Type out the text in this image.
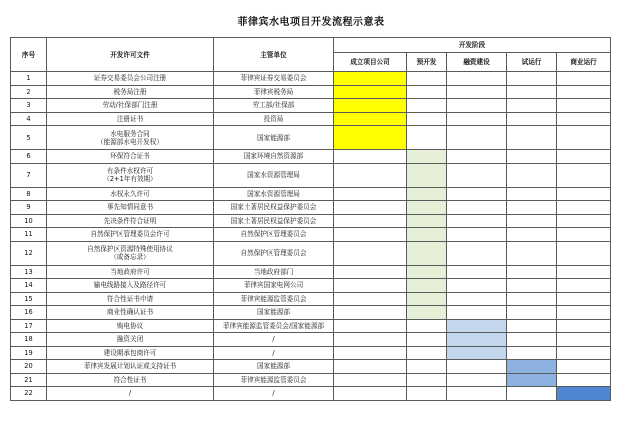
菲律宾水电项目开发流程示意表
序号	开发许可文件	主管单位	开发阶段				
			成立项目公司	预开发	融资建设	试运行	商业运行
1	证券交易委员会公司注册	菲律宾证券交易委员会					
2	税务局注册	菲律宾税务局					
3	劳动/社保部门注册	劳工部/社保部					
4	注册证书	投资局					
5	水电服务合同
（能源部水电开发权）	国家能源部					
6	环保符合证书	国家环境自然资源部					
7	有条件水权许可
（2+1年有效期）	国家水资源管理局					
8	水权永久许可	国家水资源管理局					
9	事先知情同意书	国家土著居民权益保护委员会					
10	先决条件符合证明	国家土著居民权益保护委员会					
11	自然保护区管理委员会许可	自然保护区管理委员会					
12	自然保护区资源特殊使用协议
（或备忘录）	自然保护区管理委员会					
13	当地政府许可	当地政府部门					
14	输电线路接入及路径许可	菲律宾国家电网公司					
15	符合性证书申请	菲律宾能源监管委员会					
16	商业性确认证书	国家能源部					
17	购电协议	菲律宾能源监管委员会/国家能源部					
18	融资关闭	/					
19	建设期承包商许可	/					
20	菲律宾发展计划认证或支持证书	国家能源部					
21	符合性证书	菲律宾能源监管委员会					
22	/	/					
